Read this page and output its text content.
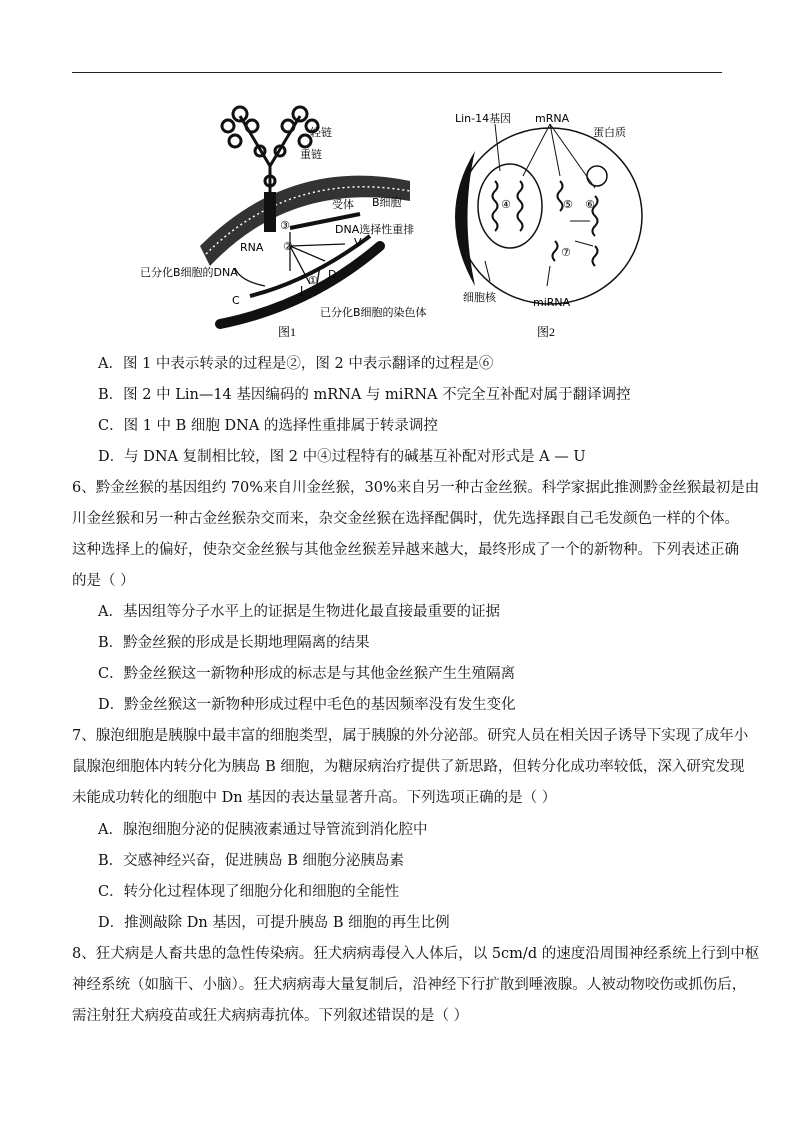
轻链
重链
受体 B细胞
DNA选择性重排
RNA
已分化B细胞的DNA
已分化B细胞的染色体
C
J
D
V
①
②
③
图1
Lin-14基因 mRNA
蛋白质
细胞核	miRNA
④	⑤ ⑥
⑦
图2
A．图 1 中表示转录的过程是②，图 2 中表示翻译的过程是⑥
B．图 2 中 Lin—14 基因编码的 mRNA 与 miRNA 不完全互补配对属于翻译调控
C．图 1 中 B 细胞 DNA 的选择性重排属于转录调控
D．与 DNA 复制相比较，图 2 中④过程特有的碱基互补配对形式是 A — U
6、黔金丝猴的基因组约 70%来自川金丝猴，30%来自另一种古金丝猴。科学家据此推测黔金丝猴最初是由
川金丝猴和另一种古金丝猴杂交而来，杂交金丝猴在选择配偶时，优先选择跟自己毛发颜色一样的个体。
这种选择上的偏好，使杂交金丝猴与其他金丝猴差异越来越大，最终形成了一个的新物种。下列表述正确
的是（ ）
A．基因组等分子水平上的证据是生物进化最直接最重要的证据
B．黔金丝猴的形成是长期地理隔离的结果
C．黔金丝猴这一新物种形成的标志是与其他金丝猴产生生殖隔离
D．黔金丝猴这一新物种形成过程中毛色的基因频率没有发生变化
7、腺泡细胞是胰腺中最丰富的细胞类型，属于胰腺的外分泌部。研究人员在相关因子诱导下实现了成年小
鼠腺泡细胞体内转分化为胰岛 B 细胞，为糖尿病治疗提供了新思路，但转分化成功率较低，深入研究发现
未能成功转化的细胞中 Dn 基因的表达量显著升高。下列选项正确的是（ ）
A．腺泡细胞分泌的促胰液素通过导管流到消化腔中
B．交感神经兴奋，促进胰岛 B 细胞分泌胰岛素
C．转分化过程体现了细胞分化和细胞的全能性
D．推测敲除 Dn 基因，可提升胰岛 B 细胞的再生比例
8、狂犬病是人畜共患的急性传染病。狂犬病病毒侵入人体后，以 5cm/d 的速度沿周围神经系统上行到中枢
神经系统（如脑干、小脑）。狂犬病病毒大量复制后，沿神经下行扩散到唾液腺。人被动物咬伤或抓伤后，
需注射狂犬病疫苗或狂犬病病毒抗体。下列叙述错误的是（ ）
